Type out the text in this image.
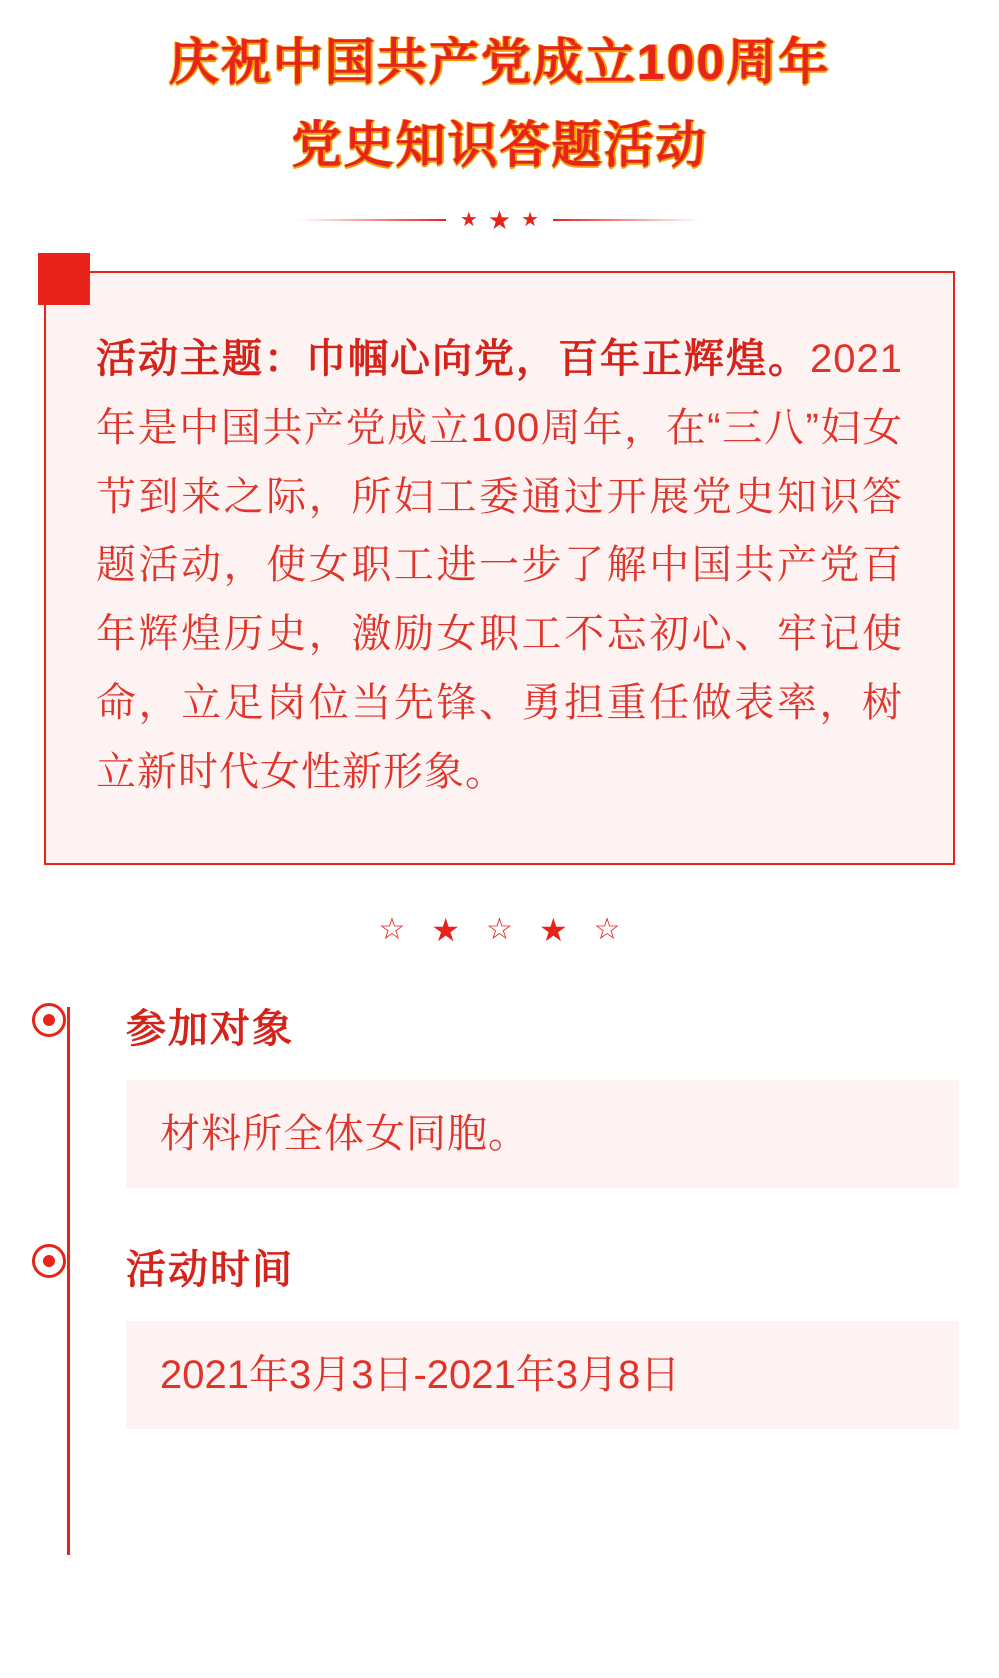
庆祝中国共产党成立100周年
党史知识答题活动
★ ★ ★
活动主题：巾帼心向党，百年正辉煌。2021年是中国共产党成立100周年，在“三八”妇女节到来之际，所妇工委通过开展党史知识答题活动，使女职工进一步了解中国共产党百年辉煌历史，激励女职工不忘初心、牢记使命，立足岗位当先锋、勇担重任做表率，树立新时代女性新形象。
☆ ★ ☆ ★ ☆
参加对象
材料所全体女同胞。
活动时间
2021年3月3日-2021年3月8日
